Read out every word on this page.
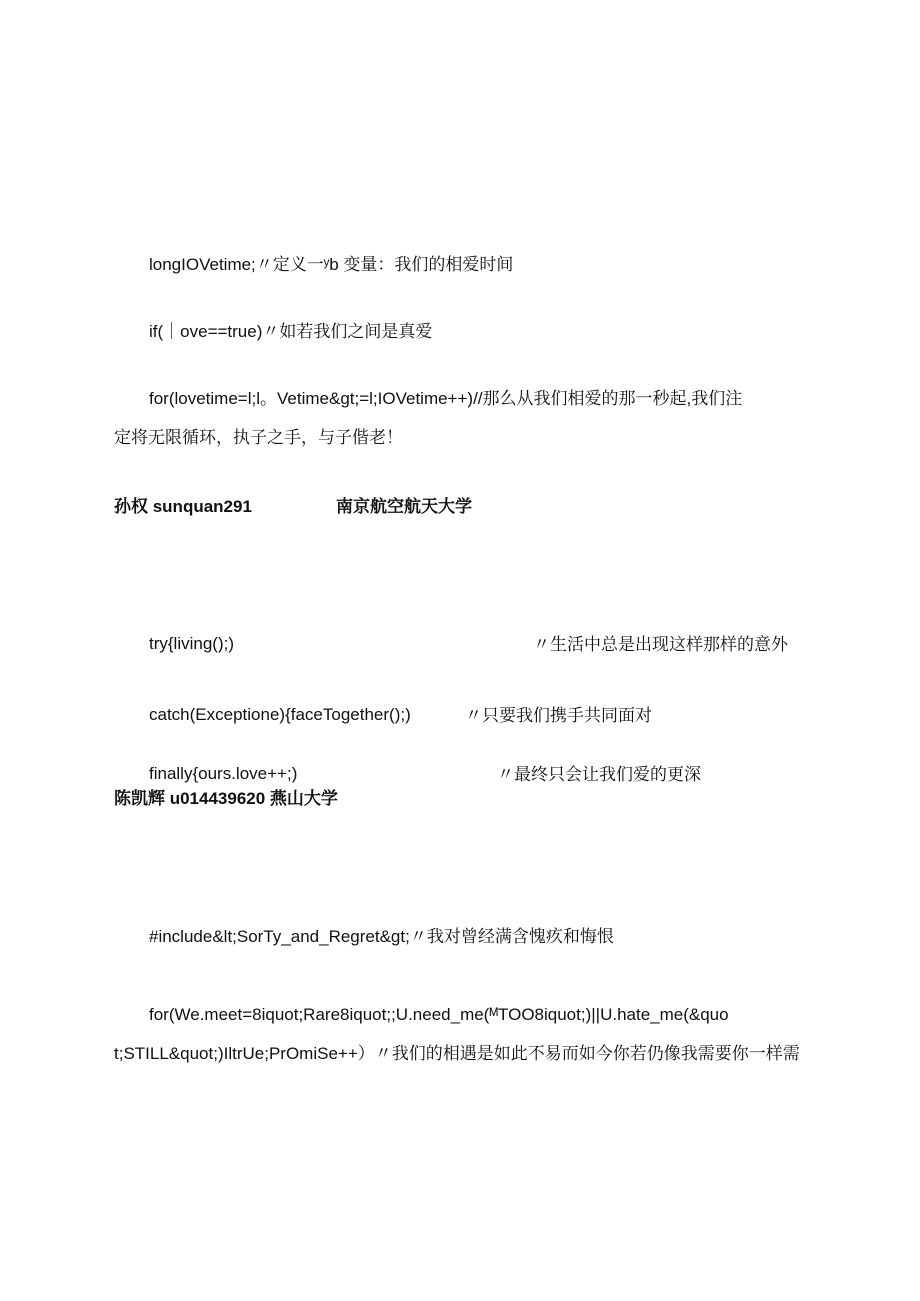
longIOVetime;〃定义一ʸb 变量：我们的相爱时间
if(｜ove==true)〃如若我们之间是真爱
for(lovetime=l;l。Vetime&gt;=l;IOVetime++)//那么从我们相爱的那一秒起,我们注
定将无限循环，执子之手，与子偕老！
孙权 sunquan291	南京航空航天大学
try{living();)	〃生活中总是出现这样那样的意外
catch(Exceptione){faceTogether();)	〃只要我们携手共同面对
finally{ours.love++;)	〃最终只会让我们爱的更深
陈凯辉 u014439620 燕山大学
#include&lt;SorTy_and_Regret&gt;〃我对曾经满含愧疚和悔恨
for(We.meet=8iquot;Rare8iquot;;U.need_me(ᴹTOO8iquot;)||U.hate_me(&quo
t;STILL&quot;)IltrUe;PrOmiSe++）〃我们的相遇是如此不易而如今你若仍像我需要你一样需
